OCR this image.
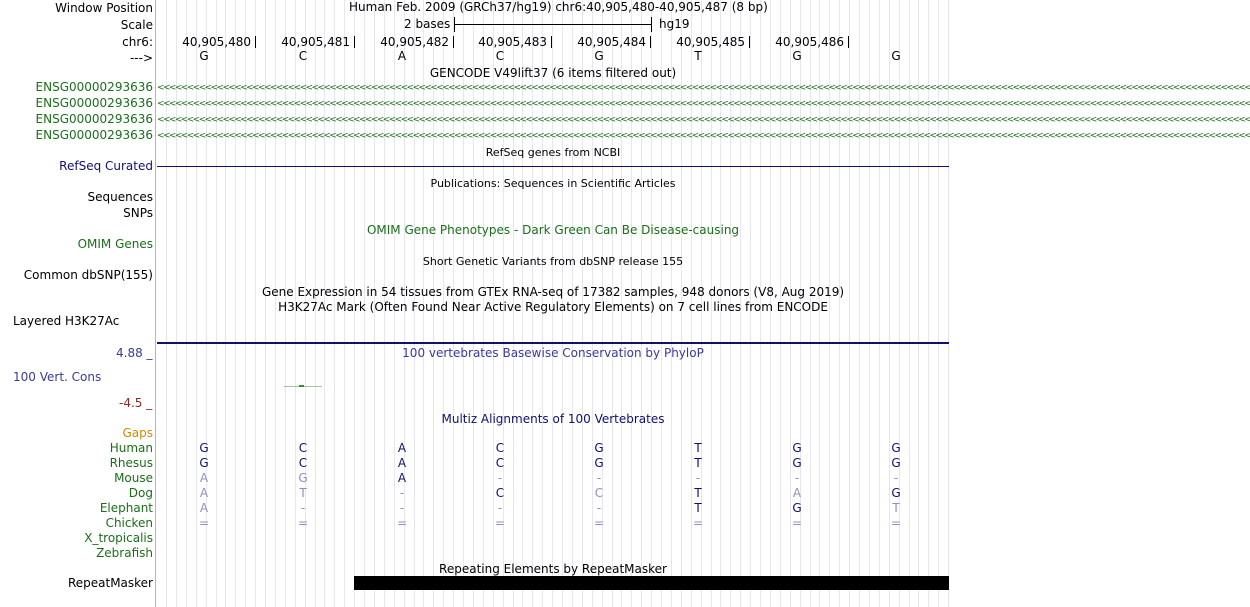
Window Position	Human Feb. 2009 (GRCh37/hg19) chr6:40,905,480-40,905,487 (8 bp)
Scale	2 bases	hg19
chr6: 40,905,480	40,905,481	40,905,482 40,905,483	40,905,484	40,905,485	40,905,486
--->	G	C	A	C	G	T	G	G
GENCODE V49lift37 (6 items filtered out)
ENSG00000293636 <<<<<<<<<<<<<<<<<<<<<<<<<<<<<<<<<<<<<<<<<<<<<<<<<<<<<<<<<<<<<<<<<<<<<<<<<<<<<<<<<<<<<<<<<<<<<<<<<<<<<<<<<<<<<<<<<<<<<<<<<<<<<<<<<<<<<<<<<<<<<<<<<<<<<<<<<<<<<<<<<<<<<<<<<<<<<<<<<<<<<<<<
ENSG00000293636 <<<<<<<<<<<<<<<<<<<<<<<<<<<<<<<<<<<<<<<<<<<<<<<<<<<<<<<<<<<<<<<<<<<<<<<<<<<<<<<<<<<<<<<<<<<<<<<<<<<<<<<<<<<<<<<<<<<<<<<<<<<<<<<<<<<<<<<<<<<<<<<<<<<<<<<<<<<<<<<<<<<<<<<<<<<<<<<<<<<<<<<<
ENSG00000293636 <<<<<<<<<<<<<<<<<<<<<<<<<<<<<<<<<<<<<<<<<<<<<<<<<<<<<<<<<<<<<<<<<<<<<<<<<<<<<<<<<<<<<<<<<<<<<<<<<<<<<<<<<<<<<<<<<<<<<<<<<<<<<<<<<<<<<<<<<<<<<<<<<<<<<<<<<<<<<<<<<<<<<<<<<<<<<<<<<<<<<<<<
ENSG00000293636 <<<<<<<<<<<<<<<<<<<<<<<<<<<<<<<<<<<<<<<<<<<<<<<<<<<<<<<<<<<<<<<<<<<<<<<<<<<<<<<<<<<<<<<<<<<<<<<<<<<<<<<<<<<<<<<<<<<<<<<<<<<<<<<<<<<<<<<<<<<<<<<<<<<<<<<<<<<<<<<<<<<<<<<<<<<<<<<<<<<<<<<<
RefSeq genes from NCBI
RefSeq Curated
Publications: Sequences in Scientific Articles
Sequences
SNPs
OMIM Gene Phenotypes - Dark Green Can Be Disease-causing
OMIM Genes
Short Genetic Variants from dbSNP release 155
Common dbSNP(155)
Gene Expression in 54 tissues from GTEx RNA-seq of 17382 samples, 948 donors (V8, Aug 2019)
H3K27Ac Mark (Often Found Near Active Regulatory Elements) on 7 cell lines from ENCODE
Layered H3K27Ac
4.88 _	100 vertebrates Basewise Conservation by PhyloP
100 Vert. Cons
-4.5 _
Multiz Alignments of 100 Vertebrates
Gaps
Human	G	C	A	C	G	T	G	G
Rhesus	G	C	A	C	G	T	G	G
Mouse	A	G	A	-	-	-	-	-
Dog	A	T	-	C	C	T	A	G
Elephant	A	-	-	-	-	T	G	T
Chicken	=	=	=	=	=	=	=	=
X_tropicalis
Zebrafish
Repeating Elements by RepeatMasker
RepeatMasker
